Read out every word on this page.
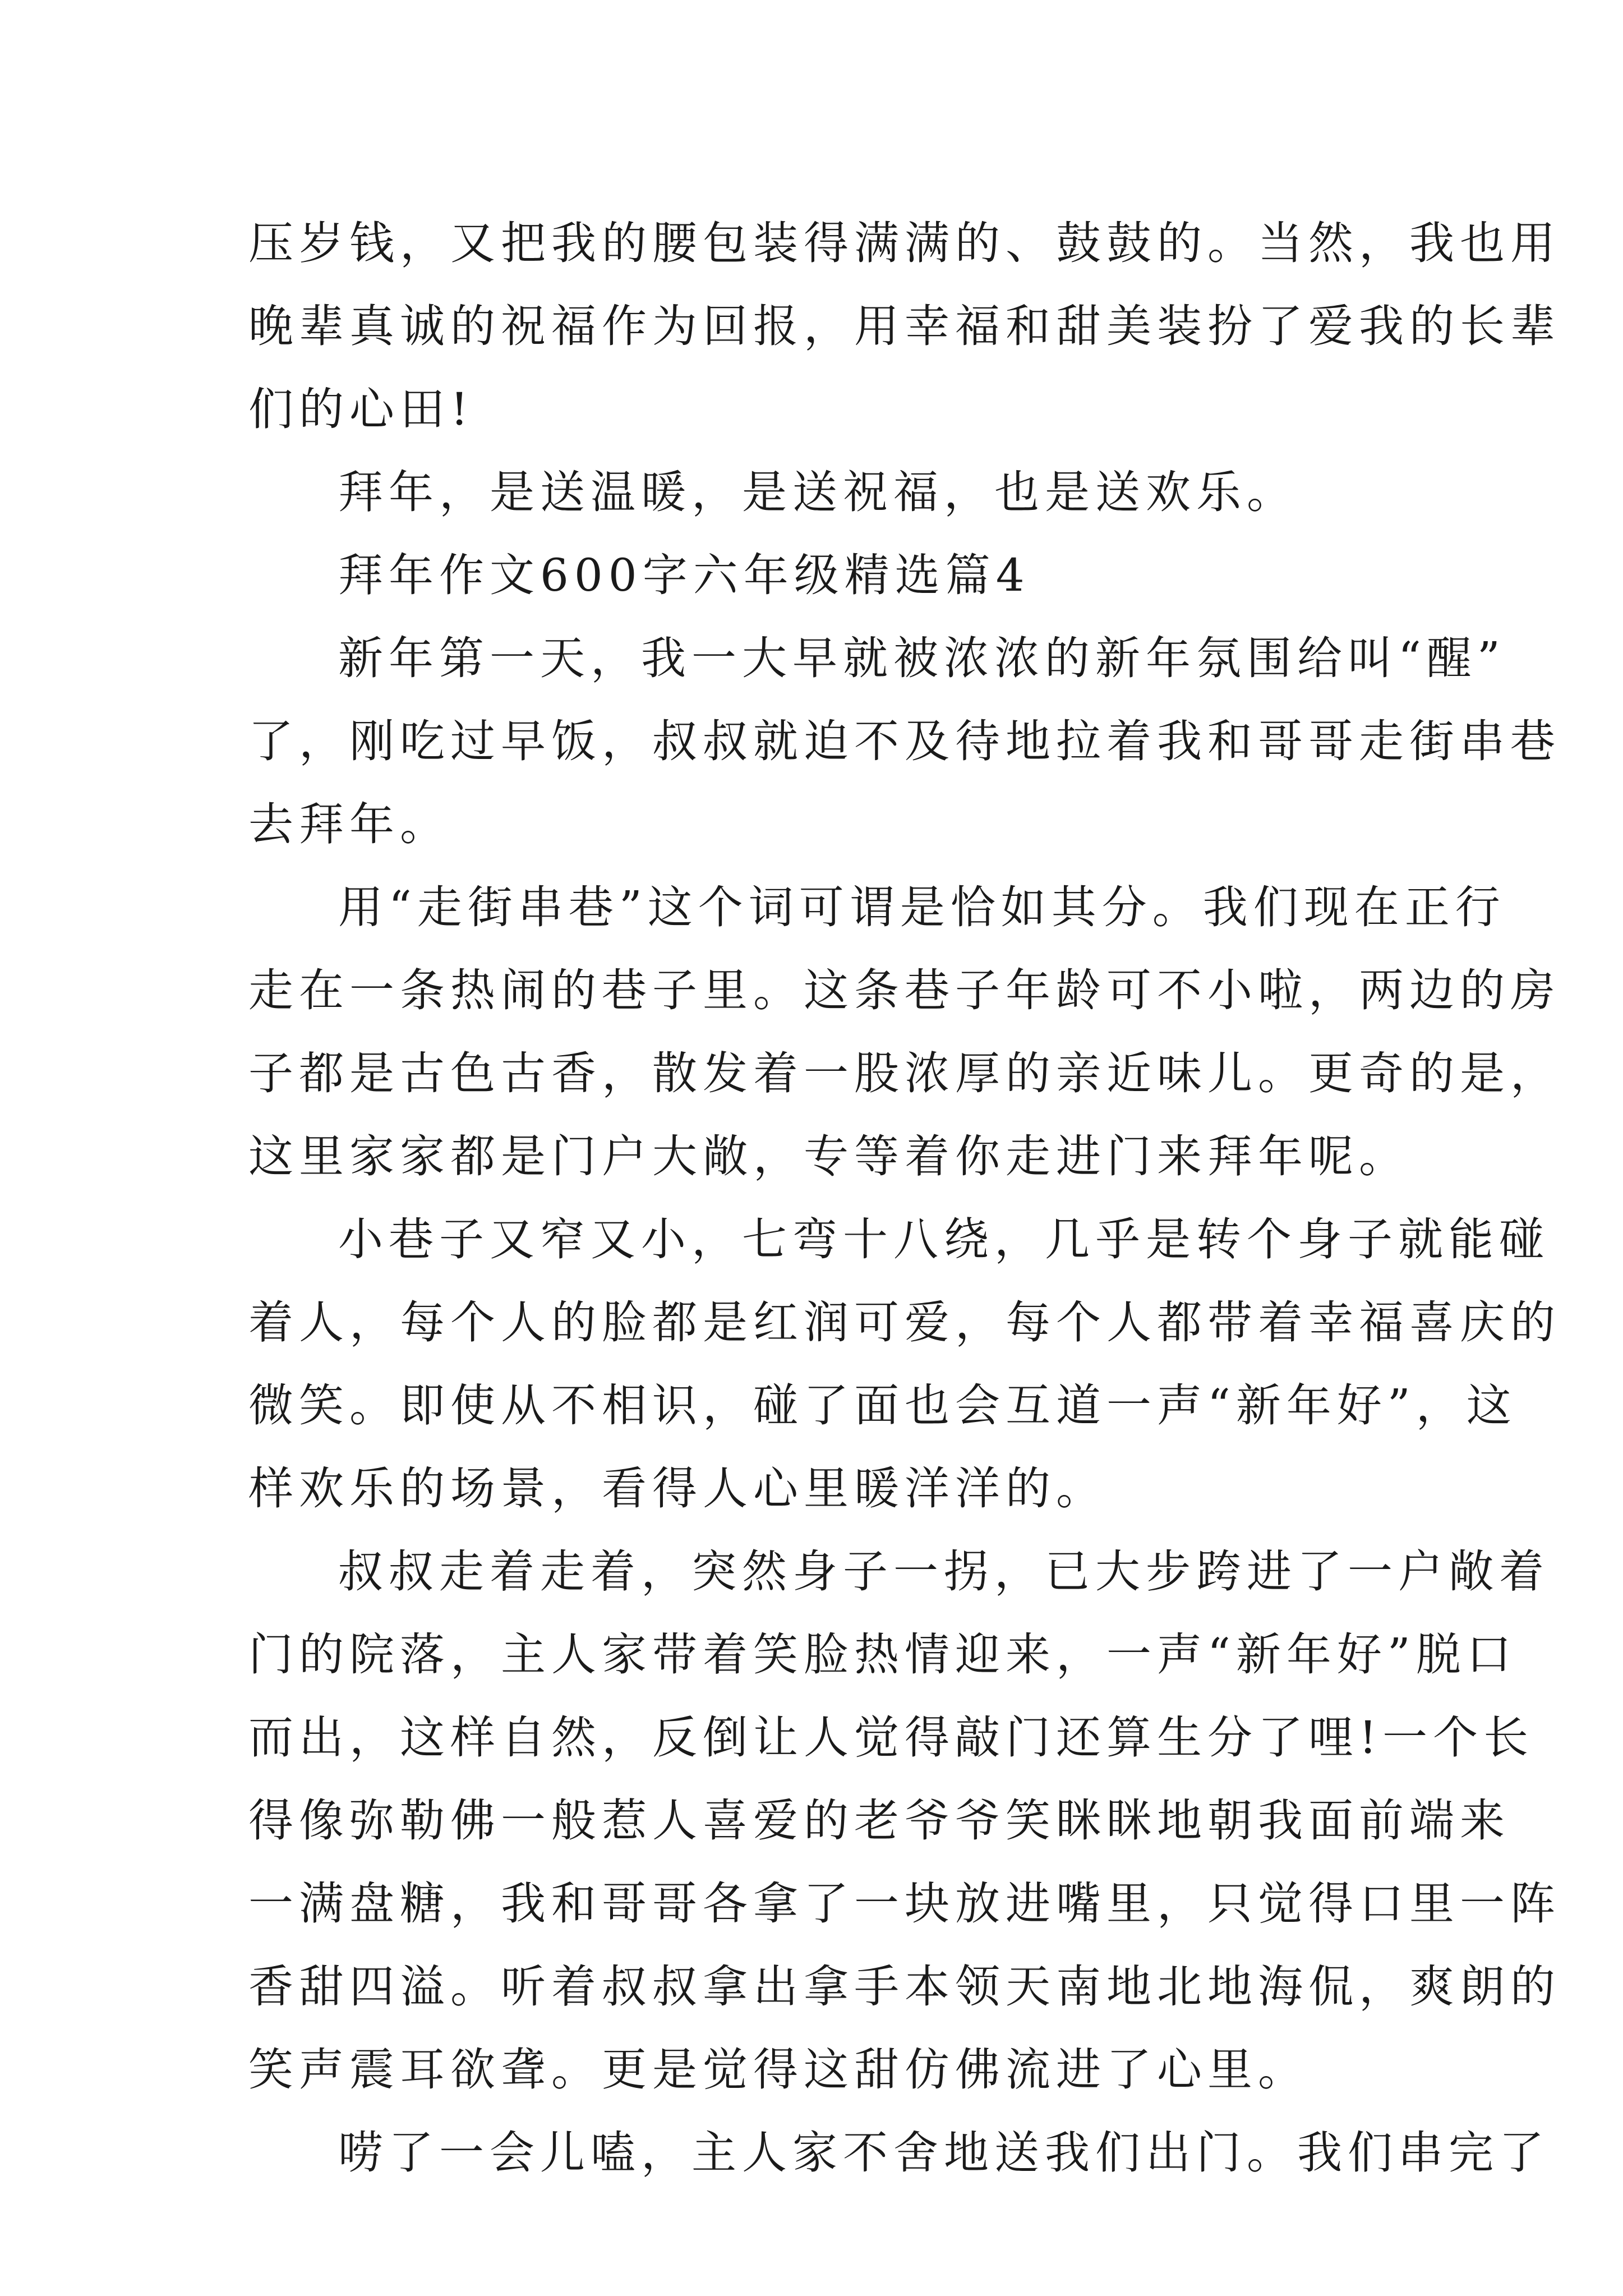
压岁钱，又把我的腰包装得满满的、鼓鼓的。当然，我也用
晚辈真诚的祝福作为回报，用幸福和甜美装扮了爱我的长辈
们的心田!
拜年，是送温暖，是送祝福，也是送欢乐。
拜年作文600字六年级精选篇4
新年第一天，我一大早就被浓浓的新年氛围给叫“醒”
了，刚吃过早饭，叔叔就迫不及待地拉着我和哥哥走街串巷
去拜年。
用“走街串巷”这个词可谓是恰如其分。我们现在正行
走在一条热闹的巷子里。这条巷子年龄可不小啦，两边的房
子都是古色古香，散发着一股浓厚的亲近味儿。更奇的是，
这里家家都是门户大敞，专等着你走进门来拜年呢。
小巷子又窄又小，七弯十八绕，几乎是转个身子就能碰
着人，每个人的脸都是红润可爱，每个人都带着幸福喜庆的
微笑。即使从不相识，碰了面也会互道一声“新年好”，这
样欢乐的场景，看得人心里暖洋洋的。
叔叔走着走着，突然身子一拐，已大步跨进了一户敞着
门的院落，主人家带着笑脸热情迎来，一声“新年好”脱口
而出，这样自然，反倒让人觉得敲门还算生分了哩!一个长
得像弥勒佛一般惹人喜爱的老爷爷笑眯眯地朝我面前端来
一满盘糖，我和哥哥各拿了一块放进嘴里，只觉得口里一阵
香甜四溢。听着叔叔拿出拿手本领天南地北地海侃，爽朗的
笑声震耳欲聋。更是觉得这甜仿佛流进了心里。
唠了一会儿嗑，主人家不舍地送我们出门。我们串完了
